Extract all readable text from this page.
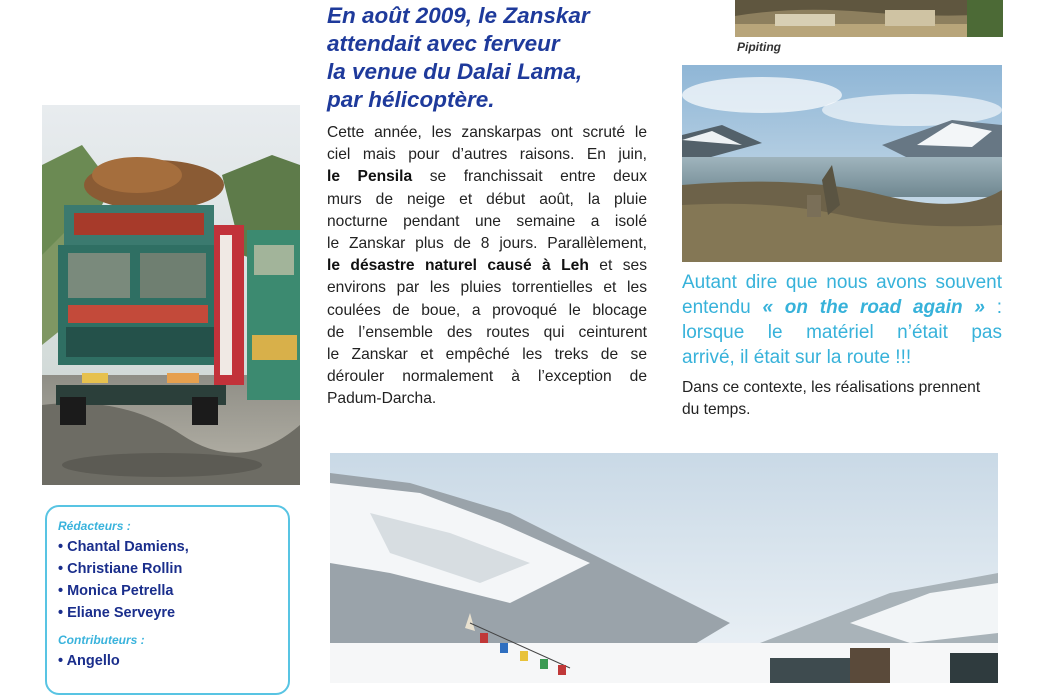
Rédacteurs :
• Chantal Damiens,
• Christiane Rollin
• Monica Petrella
• Eliane Serveyre
Contributeurs :
• Angello
En août 2009, le Zanskar
attendait avec ferveur
la venue du Dalai Lama,
par hélicoptère.
Cette année, les zanskarpas ont scruté le
ciel mais pour d’autres raisons. En juin,
le Pensila se franchissait entre deux
murs de neige et début août, la pluie
nocturne pendant une semaine a isolé
le Zanskar plus de 8 jours. Parallèlement,
le désastre naturel causé à Leh et ses
environs par les pluies torrentielles et les
coulées de boue, a provoqué le blocage
de l’ensemble des routes qui ceinturent
le Zanskar et empêché les treks de se
dérouler normalement à l’exception de
Padum-Darcha.
Pipiting
Autant dire que nous avons souvent
entendu « on the road again » :
lorsque le matériel n’était pas
arrivé, il était sur la route !!!
Dans ce contexte, les réalisations prennent
du temps.
